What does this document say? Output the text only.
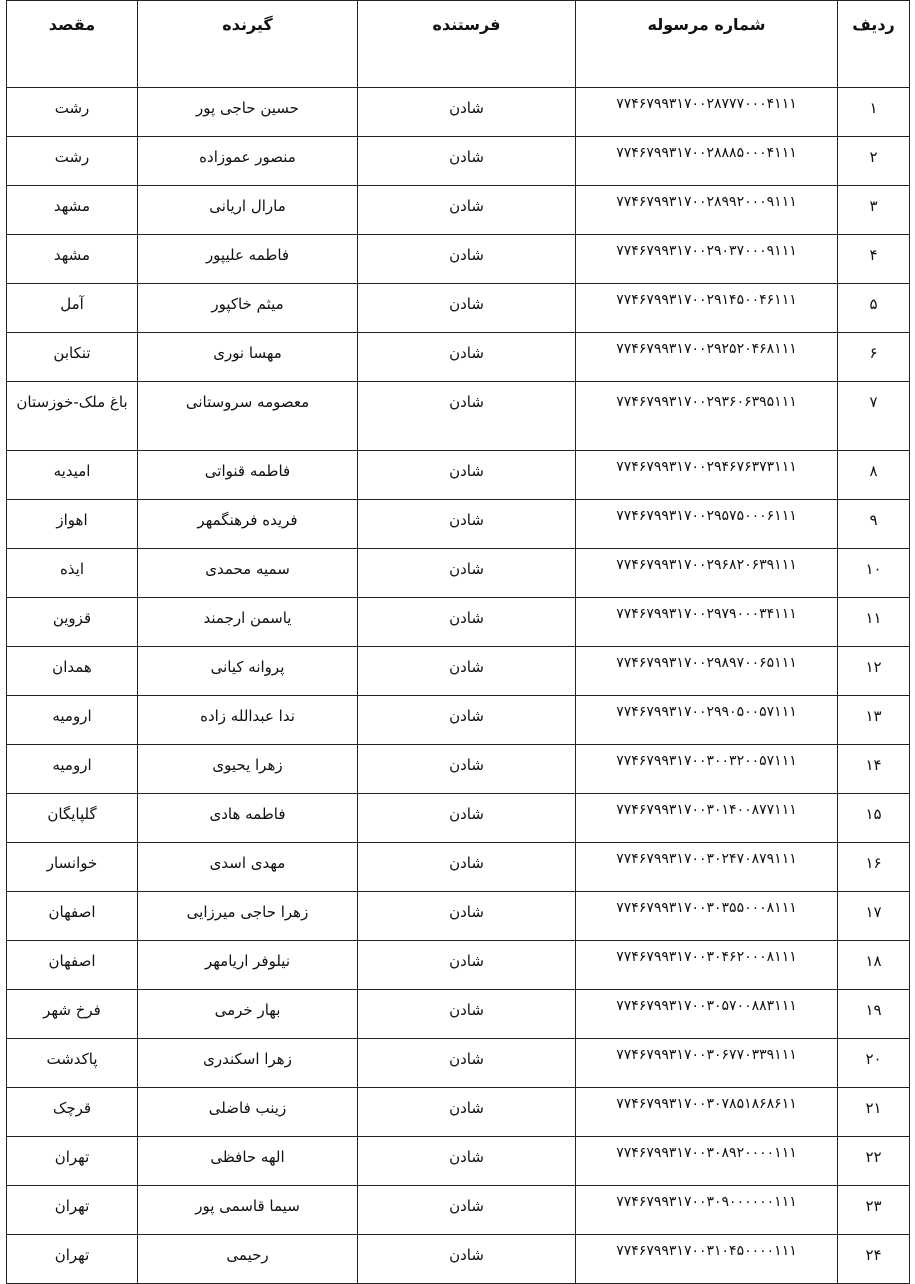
ردیف	شماره مرسوله	فرستنده	گیرنده	مقصد
۱	۷۷۴۶۷۹۹۳۱۷۰۰۲۸۷۷۷۰۰۰۴۱۱۱	شادن	حسین حاجی پور	رشت
۲	۷۷۴۶۷۹۹۳۱۷۰۰۲۸۸۸۵۰۰۰۴۱۱۱	شادن	منصور عموزاده	رشت
۳	۷۷۴۶۷۹۹۳۱۷۰۰۲۸۹۹۲۰۰۰۹۱۱۱	شادن	مارال اریانی	مشهد
۴	۷۷۴۶۷۹۹۳۱۷۰۰۲۹۰۳۷۰۰۰۹۱۱۱	شادن	فاطمه علیپور	مشهد
۵	۷۷۴۶۷۹۹۳۱۷۰۰۲۹۱۴۵۰۰۴۶۱۱۱	شادن	میثم خاکپور	آمل
۶	۷۷۴۶۷۹۹۳۱۷۰۰۲۹۲۵۲۰۴۶۸۱۱۱	شادن	مهسا نوری	تنکابن
۷	۷۷۴۶۷۹۹۳۱۷۰۰۲۹۳۶۰۶۳۹۵۱۱۱	شادن	معصومه سروستانی	باغ ملک-خوزستان
۸	۷۷۴۶۷۹۹۳۱۷۰۰۲۹۴۶۷۶۳۷۳۱۱۱	شادن	فاطمه قنواتی	امیدیه
۹	۷۷۴۶۷۹۹۳۱۷۰۰۲۹۵۷۵۰۰۰۶۱۱۱	شادن	فریده فرهنگمهر	اهواز
۱۰	۷۷۴۶۷۹۹۳۱۷۰۰۲۹۶۸۲۰۶۳۹۱۱۱	شادن	سمیه محمدی	ایذه
۱۱	۷۷۴۶۷۹۹۳۱۷۰۰۲۹۷۹۰۰۰۳۴۱۱۱	شادن	یاسمن ارجمند	قزوین
۱۲	۷۷۴۶۷۹۹۳۱۷۰۰۲۹۸۹۷۰۰۶۵۱۱۱	شادن	پروانه کیانی	همدان
۱۳	۷۷۴۶۷۹۹۳۱۷۰۰۲۹۹۰۵۰۰۵۷۱۱۱	شادن	ندا عبدالله زاده	ارومیه
۱۴	۷۷۴۶۷۹۹۳۱۷۰۰۳۰۰۳۲۰۰۵۷۱۱۱	شادن	زهرا یحیوی	ارومیه
۱۵	۷۷۴۶۷۹۹۳۱۷۰۰۳۰۱۴۰۰۸۷۷۱۱۱	شادن	فاطمه هادی	گلپایگان
۱۶	۷۷۴۶۷۹۹۳۱۷۰۰۳۰۲۴۷۰۸۷۹۱۱۱	شادن	مهدی اسدی	خوانسار
۱۷	۷۷۴۶۷۹۹۳۱۷۰۰۳۰۳۵۵۰۰۰۸۱۱۱	شادن	زهرا حاجی میرزایی	اصفهان
۱۸	۷۷۴۶۷۹۹۳۱۷۰۰۳۰۴۶۲۰۰۰۸۱۱۱	شادن	نیلوفر اریامهر	اصفهان
۱۹	۷۷۴۶۷۹۹۳۱۷۰۰۳۰۵۷۰۰۸۸۳۱۱۱	شادن	بهار خرمی	فرخ شهر
۲۰	۷۷۴۶۷۹۹۳۱۷۰۰۳۰۶۷۷۰۳۳۹۱۱۱	شادن	زهرا اسکندری	پاکدشت
۲۱	۷۷۴۶۷۹۹۳۱۷۰۰۳۰۷۸۵۱۸۶۸۶۱۱	شادن	زینب فاضلی	قرچک
۲۲	۷۷۴۶۷۹۹۳۱۷۰۰۳۰۸۹۲۰۰۰۰۱۱۱	شادن	الهه حافظی	تهران
۲۳	۷۷۴۶۷۹۹۳۱۷۰۰۳۰۹۰۰۰۰۰۰۱۱۱	شادن	سیما قاسمی پور	تهران
۲۴	۷۷۴۶۷۹۹۳۱۷۰۰۳۱۰۴۵۰۰۰۰۱۱۱	شادن	رحیمی	تهران
